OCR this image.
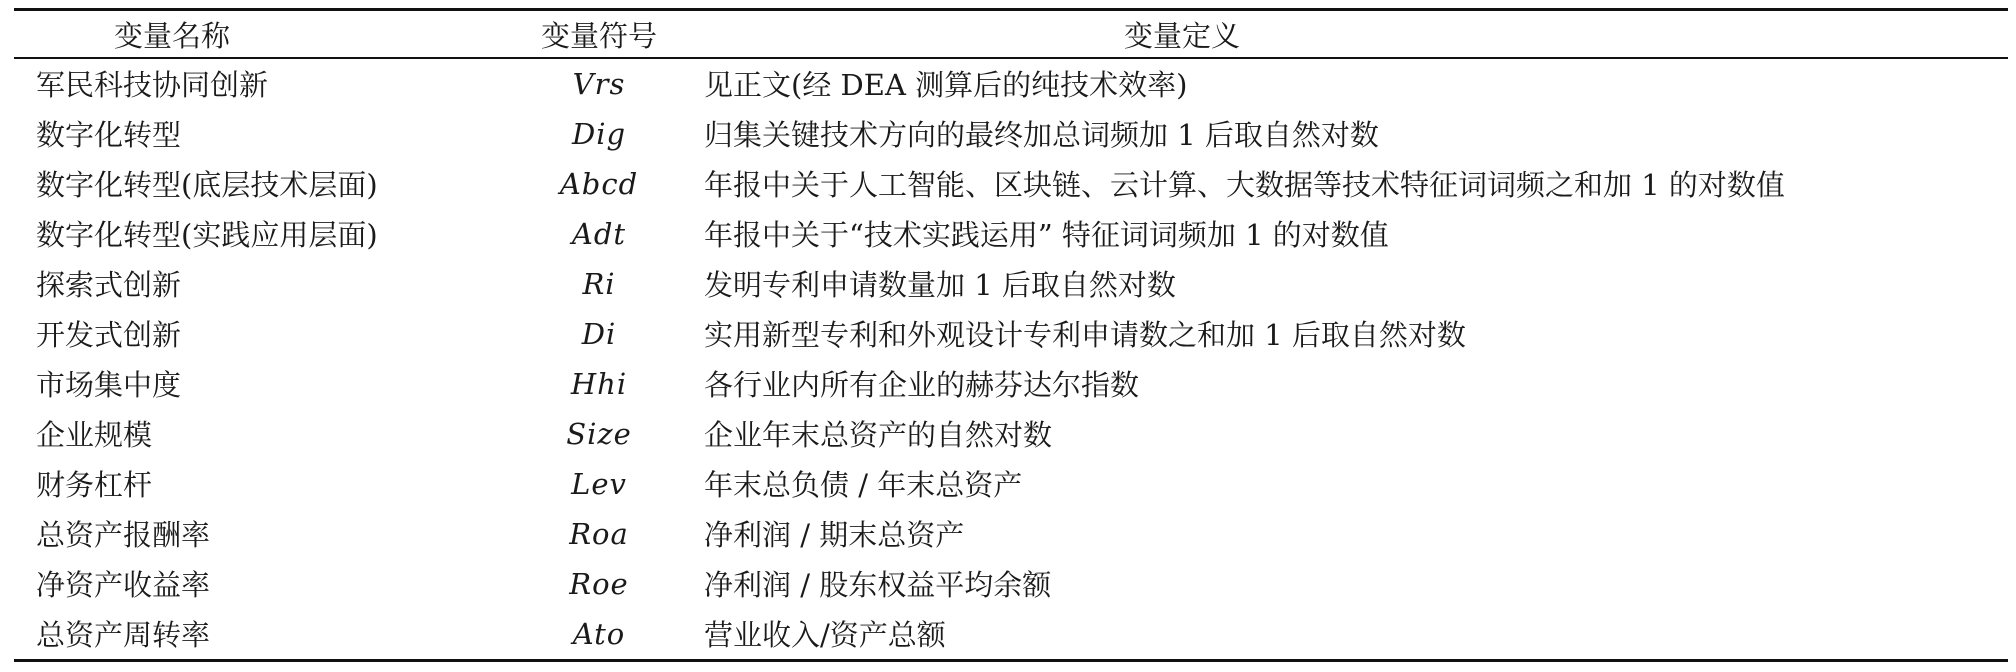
变量名称	变量符号	变量定义
军民科技协同创新	Vrs	见正文(经 DEA 测算后的纯技术效率)
数字化转型	Dig	归集关键技术方向的最终加总词频加 1 后取自然对数
数字化转型(底层技术层面)	Abcd	年报中关于人工智能、区块链、云计算、大数据等技术特征词词频之和加 1 的对数值
数字化转型(实践应用层面)	Adt	年报中关于“技术实践运用” 特征词词频加 1 的对数值
探索式创新	Ri	发明专利申请数量加 1 后取自然对数
开发式创新	Di	实用新型专利和外观设计专利申请数之和加 1 后取自然对数
市场集中度	Hhi	各行业内所有企业的赫芬达尔指数
企业规模	Size	企业年末总资产的自然对数
财务杠杆	Lev	年末总负债 / 年末总资产
总资产报酬率	Roa	净利润 / 期末总资产
净资产收益率	Roe	净利润 / 股东权益平均余额
总资产周转率	Ato	营业收入/资产总额
